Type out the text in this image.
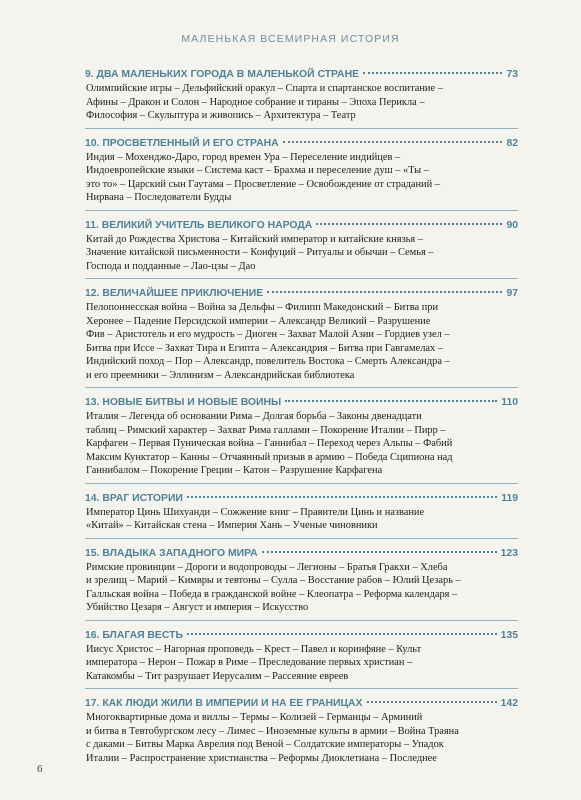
МАЛЕНЬКАЯ ВСЕМИРНАЯ ИСТОРИЯ
9. ДВА МАЛЕНЬКИХ ГОРОДА В МАЛЕНЬКОЙ СТРАНЕ	73
Олимпийские игры – Дельфийский оракул – Спарта и спартанское воспитание –
Афины – Дракон и Солон – Народное собрание и тираны – Эпоха Перикла –
Философия – Скульптура и живопись – Архитектура – Театр
10. ПРОСВЕТЛЕННЫЙ И ЕГО СТРАНА	82
Индия – Мохенджо-Даро, город времен Ура – Переселение индийцев –
Индоевропейские языки – Система каст – Брахма и переселение душ – «Ты –
это то» – Царский сын Гаутама – Просветление – Освобождение от страданий –
Нирвана – Последователи Будды
11. ВЕЛИКИЙ УЧИТЕЛЬ ВЕЛИКОГО НАРОДА	90
Китай до Рождества Христова – Китайский император и китайские князья –
Значение китайской письменности – Конфуций – Ритуалы и обычаи – Семья –
Господа и подданные – Лао-цзы – Дао
12. ВЕЛИЧАЙШЕЕ ПРИКЛЮЧЕНИЕ	97
Пелопоннесская война – Война за Дельфы – Филипп Македонский – Битва при
Херонее – Падение Персидской империи – Александр Великий – Разрушение
Фив – Аристотель и его мудрость – Диоген – Захват Малой Азии – Гордиев узел –
Битва при Иссе – Захват Тира и Египта – Александрия – Битва при Гавгамелах –
Индийский поход – Пор – Александр, повелитель Востока – Смерть Александра –
и его преемники – Эллинизм – Александрийская библиотека
13. НОВЫЕ БИТВЫ И НОВЫЕ ВОИНЫ	110
Италия – Легенда об основании Рима – Долгая борьба – Законы двенадцати
таблиц – Римский характер – Захват Рима галлами – Покорение Италии – Пирр –
Карфаген – Первая Пуническая война – Ганнибал – Переход через Альпы – Фабий
Максим Кунктатор – Канны – Отчаянный призыв в армию – Победа Сципиона над
Ганнибалом – Покорение Греции – Катон – Разрушение Карфагена
14. ВРАГ ИСТОРИИ	119
Император Цинь Шихуанди – Сожжение книг – Правители Цинь и название
«Китай» – Китайская стена – Империя Хань – Ученые чиновники
15. ВЛАДЫКА ЗАПАДНОГО МИРА	123
Римские провинции – Дороги и водопроводы – Легионы – Братья Гракхи – Хлеба
и зрелищ – Марий – Кимвры и тевтоны – Сулла – Восстание рабов – Юлий Цезарь –
Галльская война – Победа в гражданской войне – Клеопатра – Реформа календаря –
Убийство Цезаря – Август и империя – Искусство
16. БЛАГАЯ ВЕСТЬ	135
Иисус Христос – Нагорная проповедь – Крест – Павел и коринфяне – Культ
императора – Нерон – Пожар в Риме – Преследование первых христиан –
Катакомбы – Тит разрушает Иерусалим – Рассеяние евреев
17. КАК ЛЮДИ ЖИЛИ В ИМПЕРИИ И НА ЕЕ ГРАНИЦАХ	142
Многоквартирные дома и виллы – Термы – Колизей – Германцы – Арминий
и битва в Тевтобургском лесу – Лимес – Иноземные культы в армии – Война Траяна
с даками – Битвы Марка Аврелия под Веной – Солдатские императоры – Упадок
Италии – Распространение христианства – Реформы Диоклетиана – Последнее
6
